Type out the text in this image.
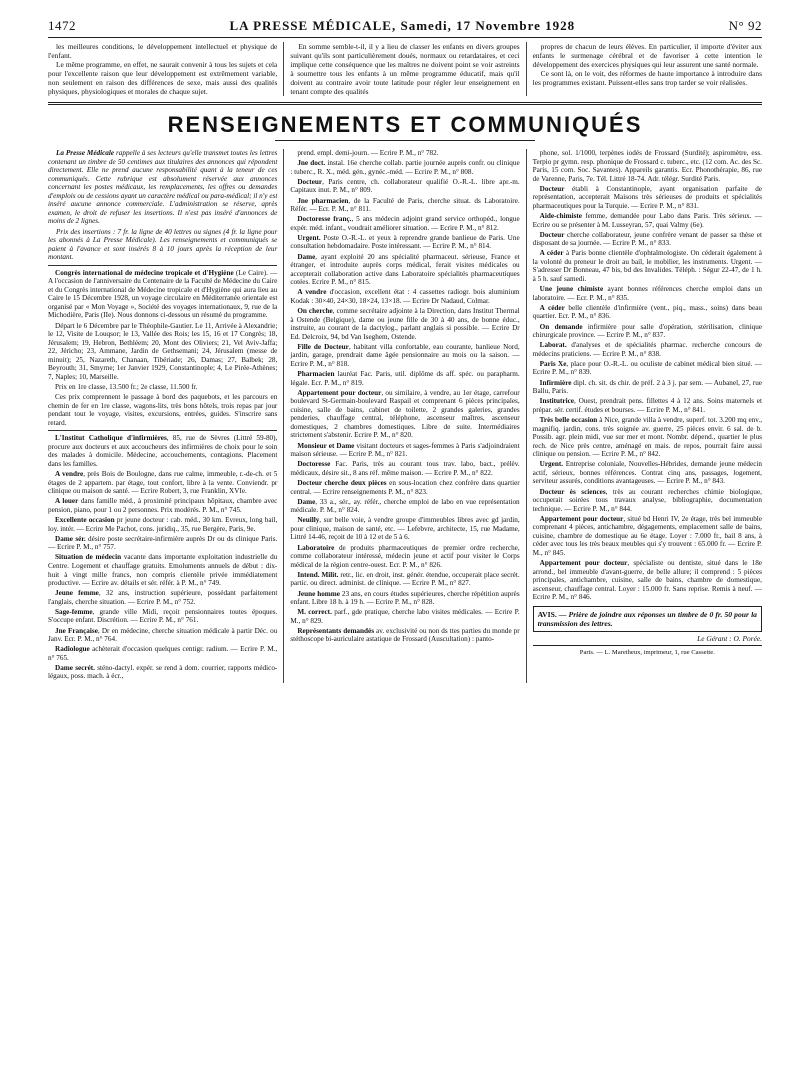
1472	LA PRESSE MÉDICALE, Samedi, 17 Novembre 1928	N° 92

les meilleures conditions, le développement intellectuel et physique de l'enfant.

Le même programme, en effet, ne saurait convenir à tous les sujets et cela pour l'excellente raison que leur développement est extrêmement variable, non seulement en raison des différences de sexe, mais aussi des qualités physiques, physiologiques et morales de chaque sujet.

En somme semble-t-il, il y a lieu de classer les enfants en divers groupes suivant qu'ils sont particulièrement doués, normaux ou retardataires, et ceci implique cette conséquence que les maîtres ne doivent point se voir astreints à soumettre tous les enfants à un même programme éducatif, mais qu'il doivent au contraire avoir toute latitude pour régler leur enseignement en tenant compte des qualités

propres de chacun de leurs élèves. En particulier, il importe d'éviter aux enfants le surmenage cérébral et de favoriser à cette intention le développement des exercices physiques qui leur assurent une santé normale.

Ce sont là, on le voit, des réformes de haute importance à introduire dans les programmes existant. Puissent-elles sans trop tarder se voir réalisées.

RENSEIGNEMENTS ET COMMUNIQUÉS

La Presse Médicale rappelle à ses lecteurs qu'elle transmet toutes les lettres contenant un timbre de 50 centimes aux titulaires des annonces qui répondent directement. Elle ne prend aucune responsabilité quant à la teneur de ces communiqués. Cette rubrique est absolument réservée aux annonces concernant les postes médicaux, les remplacements, les offres ou demandes d'emplois ou de cessions ayant un caractère médical ou para-médical; il n'y est inséré aucune annonce commerciale. L'administration se réserve, après examen, le droit de refuser les insertions. Il n'est pas inséré d'annonces de moins de 2 lignes.

Prix des insertions : 7 fr. la ligne de 40 lettres ou signes (4 fr. la ligne pour les abonnés à La Presse Médicale). Les renseignements et communiqués se paient à l'avance et sont insérés 8 à 10 jours après la réception de leur montant.

Congrès international de médecine tropicale et d'Hygiène (Le Caire). — A l'occasion de l'anniversaire du Centenaire de la Faculté de Médecine du Caire et du Congrès international de Médecine tropicale et d'Hygiène qui aura lieu au Caire le 15 Décembre 1928, un voyage circulaire en Méditerranée orientale est organisé par « Mon Voyage », Société des voyages internationaux, 9, rue de la Michodière, Paris (IIe). Nous donnons ci-dessous un résumé du programme.

Départ le 6 Décembre par le Théophile-Gautier. Le 11, Arrivée à Alexandrie; le 12, Visite de Louqsor; le 13, Vallée des Rois; les 15, 16 et 17 Congrès; 18, Jérusalem; 19, Hebron, Bethléem; 20, Mont des Oliviers; 21, Vel Aviv-Jaffa; 22, Jéricho; 23, Ammane, Jardin de Gethsemani; 24, Jérusalem (messe de minuit); 25, Nazareth, Chanaan, Tibériade; 26, Damas; 27, Balbek; 28, Beyrouth; 31, Smyrne; 1er Janvier 1929, Constantinople; 4, Le Pirée-Athènes; 7, Naples; 10, Marseille.

Prix en 1re classe, 13.500 fr.; 2e classe, 11.500 fr.

Ces prix comprennent le passage à bord des paquebots, et les parcours en chemin de fer en 1re classe, wagons-lits, très bons hôtels, trois repas par jour pendant tout le voyage, visites, excursions, entrées, guides. S'inscrire sans retard.

L'Institut Catholique d'infirmières, 85, rue de Sèvres (Littré 59-80), procure aux docteurs et aux accoucheurs des infirmières de choix pour le soin des malades à domicile. Médecine, accouchements, contagions. Placement dans les familles.

A vendre, près Bois de Boulogne, dans rue calme, immeuble, r.-de-ch. et 5 étages de 2 appartem. par étage, tout confort, libre à la vente. Conviendr. pr clinique ou maison de santé. — Ecrire Robert, 3, rue Franklin, XVIe.

A louer dans famille méd., à proximité principaux hôpitaux, chambre avec pension, piano, pour 1 ou 2 personnes. Prix modérés. P. M., n° 745.

Excellente occasion pr jeune docteur : cab. méd., 30 km. Evreux, long bail, loy. intér. — Ecrire Me Pachot, cons. juridiq., 35, rue Bergère, Paris, 9e.

Dame sér. désire poste secrétaire-infirmière auprès Dr ou ds clinique Paris. — Ecrire P. M., n° 757.

Situation de médecin vacante dans importante exploitation industrielle du Centre. Logement et chauffage gratuits. Emoluments annuels de début : dix-huit à vingt mille francs, non compris clientèle privée immédiatement productive. — Ecrire av. détails et sér. référ. à P. M., n° 749.

Jeune femme, 32 ans, instruction supérieure, possédant parfaitement l'anglais, cherche situation. — Ecrire P. M., n° 752.

Sage-femme, grande ville Midi, reçoit pensionnaires toutes époques. S'occupe enfant. Discrétion. — Ecrire P. M., n° 761.

Jne Française, Dr en médecine, cherche situation médicale à partir Déc. ou Janv. Ecr. P. M., n° 764.

Radiologue achèterait d'occasion quelques centigr. radium. — Ecrire P. M., n° 765.

Dame secrét. sténo-dactyl. expér. se rend à dom. courrier, rapports médico-légaux, poss. mach. à écr.,

prend. empl. demi-journ. — Ecrire P. M., n° 782.

Jne doct. instal. 16e cherche collab. partie journée auprès confr. ou clinique : tuberc., R. X., méd. gén., gynéc.-méd. — Ecrire P. M., n° 808.

Docteur, Paris centre, ch. collaborateur qualifié O.-R.-L. libre apr.-m. Capitaux inut. P. M., n° 809.

Jne pharmacien, de la Faculté de Paris, cherche situat. ds Laboratoire. Référ. — Ecr. P. M., n° 811.

Doctoresse franç., 5 ans médecin adjoint grand service orthopéd., longue expér. méd. infant., voudrait améliorer situation. — Ecrire P. M., n° 812.

Urgent. Poste O.-R.-L. et yeux à reprendre grande banlieue de Paris. Une consultation hebdomadaire. Poste intéressant. — Ecrire P. M., n° 814.

Dame, ayant exploité 20 ans spécialité pharmaceut. sérieuse, France et étranger, et introduite auprès corps médical, ferait visites médicales ou accepterait collaboration active dans Laboratoire spécialités pharmaceutiques cotées. Ecrire P. M., n° 815.

A vendre d'occasion, excellent état : 4 cassettes radiogr. bois aluminium Kodak : 30×40, 24×30, 18×24, 13×18. — Ecrire Dr Nadaud, Colmar.

On cherche, comme secrétaire adjointe à la Direction, dans Institut Thermal à Ostende (Belgique), dame ou jeune fille de 30 à 40 ans, de bonne éduc., instruite, au courant de la dactylog., parlant anglais si possible. — Ecrire Dr Ed. Delcroix, 94, bd Van Iseghem, Ostende.

Fille de Docteur, habitant villa confortable, eau courante, banlieue Nord, jardin, garage, prendrait dame âgée pensionnaire au mois ou la saison. — Ecrire P. M., n° 818.

Pharmacien lauréat Fac. Paris, util. diplôme ds aff. spéc. ou parapharm. légale. Ecr. P. M., n° 819.

Appartement pour docteur, ou similaire, à vendre, au 1er étage, carrefour boulevard St-Germain-boulevard Raspail et comprenant 6 pièces principales, cuisine, salle de bains, cabinet de toilette, 2 grandes galeries, grandes penderies, chauffage central, téléphone, ascenseur maîtres, ascenseur domestiques, 2 chambres domestiques. Libre de suite. Intermédiaires strictement s'abstenir. Ecrire P. M., n° 820.

Monsieur et Dame visitant docteurs et sages-femmes à Paris s'adjoindraient maison sérieuse. — Ecrire P. M., n° 821.

Doctoresse Fac. Paris, très au courant tous trav. labo, bact., prélèv. médicaux, désire sit., 8 ans réf. même maison. — Ecrire P. M., n° 822.

Docteur cherche deux pièces en sous-location chez confrère dans quartier central. — Ecrire renseignements P. M., n° 823.

Dame, 33 a., sér., ay. référ., cherche emploi de labo en vue représentation médicale. P. M., n° 824.

Neuilly, sur belle voie, à vendre groupe d'immeubles libres avec gd jardin, pour clinique, maison de santé, etc. — Lefebvre, architecte, 15, rue Madame, Littré 14-46, reçoit de 10 à 12 et de 5 à 6.

Laboratoire de produits pharmaceutiques de premier ordre recherche, comme collaborateur intéressé, médecin jeune et actif pour visiter le Corps médical de la région centre-ouest. Ecr. P. M., n° 826.

Intend. Milit. retr., lic. en droit, inst. génér. étendue, occuperait place secrét. partic. ou direct. administ. de clinique. — Ecrire P. M., n° 827.

Jeune homme 23 ans, en cours études supérieures, cherche répétition auprès enfant. Libre 18 h. à 19 h. — Ecrire P. M., n° 828.

M. correct. parf., gde pratique, cherche labo visites médicales. — Ecrire P. M., n° 829.

Représentants demandés av. exclusivité ou non ds ttes parties du monde pr stéthoscope bi-auriculaire astatique de Frossard (Auscultation) : panto-

phone, sol. 1/1000, terpènes iodés de Frossard (Surdité); aspiromètre, ess. Terpio pr gymn. resp. phonique de Frossard c. tuberc., etc. (12 com. Ac. des Sc. Paris, 15 com. Soc. Savantes). Appareils garantis. Ecr. Phonothérapie, 86, rue de Varenne, Paris, 7e. Tél. Littré 18-74. Adr. télégr. Surdité Paris.

Docteur établi à Constantinople, ayant organisation parfaite de représentation, accepterait Maisons très sérieuses de produits et spécialités pharmaceutiques pour la Turquie. — Ecrire P. M., n° 831.

Aide-chimiste femme, demandée pour Labo dans Paris. Très sérieux. — Ecrire ou se présenter à M. Lusseyran, 57, quai Valmy (6e).

Docteur cherche collaborateur, jeune confrère venant de passer sa thèse et disposant de sa journée. — Ecrire P. M., n° 833.

A céder à Paris bonne clientèle d'ophtalmologiste. On céderait également à la volonté du preneur le droit au bail, le mobilier, les instruments. Urgent. — S'adresser Dr Bonneau, 47 bis, bd des Invalides. Téléph. : Ségur 22-47, de 1 h. à 5 h. sauf samedi.

Une jeune chimiste ayant bonnes références cherche emploi dans un laboratoire. — Ecr. P. M., n° 835.

A céder belle clientèle d'infirmière (vent., piq., mass., soins) dans beau quartier. Ecr. P. M., n° 836.

On demande infirmière pour salle d'opération, stérilisation, clinique chirurgicale province. — Ecrire P. M., n° 837.

Laborat. d'analyses et de spécialités pharmac. recherche concours de médecins praticiens. — Ecrire P. M., n° 838.

Paris Xe, place pour O.-R.-L. ou oculiste de cabinet médical bien situé. — Ecrire P. M., n° 839.

Infirmière dipl. ch. sit. ds chir. de préf. 2 à 3 j. par sem. — Aubanel, 27, rue Ballu, Paris.

Institutrice, Ouest, prendrait pens. fillettes 4 à 12 ans. Soins maternels et prépar. sér. certif. études et bourses. — Ecrire P. M., n° 841.

Très belle occasion à Nice, grande villa à vendre, superf. tot. 3.200 mq env., magnifiq. jardin, cons. très soignée av. guerre, 25 pièces envir. 6 sal. de b. Possib. agr. plein midi, vue sur mer et mont. Nombr. dépend., quartier le plus rech. de Nice près centre, aménagé en mais. de repos, pourrait faire aussi clinique ou pension. — Ecrire P. M., n° 842.

Urgent. Entreprise coloniale, Nouvelles-Hébrides, demande jeune médecin actif, sérieux, bonnes références. Contrat cinq ans, passages, logement, serviteur assurés, conditions avantageuses. — Ecrire P. M., n° 843.

Docteur ès sciences, très au courant recherches chimie biologique, occuperait soirées tous travaux analyse, bibliographie, documentation technique. — Ecrire P. M., n° 844.

Appartement pour docteur, situé bd Henri IV, 2e étage, très bel immeuble comprenant 4 pièces, antichambre, dégagements, emplacement salle de bains, cuisine, chambre de domestique au 6e étage. Loyer : 7.000 fr., bail 8 ans, à céder avec tous les très beaux meubles qui s'y trouvent : 65.000 fr. — Ecrire P. M., n° 845.

Appartement pour docteur, spécialiste ou dentiste, situé dans le 18e arrond., bel immeuble d'avant-guerre, de belle allure; il comprend : 5 pièces principales, antichambre, cuisine, salle de bains, chambre de domestique, ascenseur, chauffage central. Loyer : 15.000 fr. Sans reprise. Remis à neuf. — Ecrire P. M., n° 846.

AVIS. — Prière de joindre aux réponses un timbre de 0 fr. 50 pour la transmission des lettres.
Le Gérant : O. Porée.
Paris. — L. Maretheux, imprimeur, 1, rue Cassette.
